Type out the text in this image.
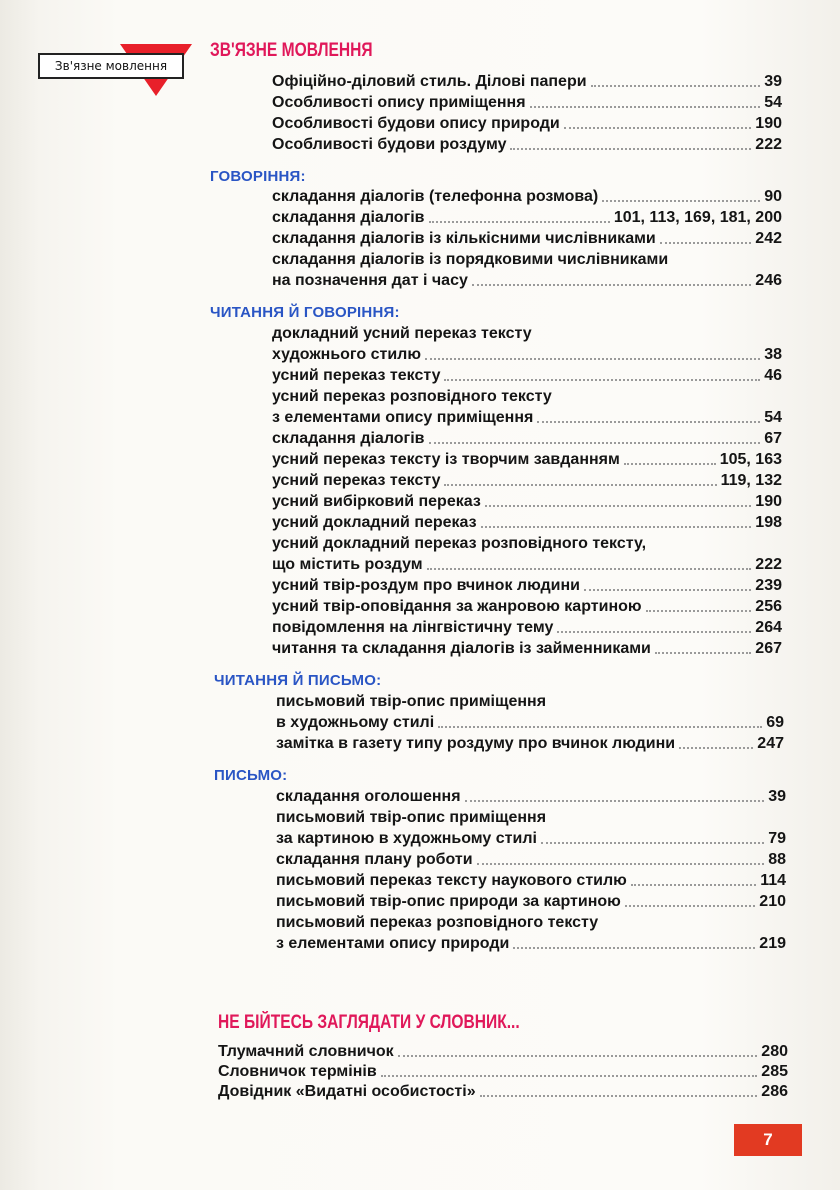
Зв'язне мовлення
ЗВ'ЯЗНЕ МОВЛЕННЯ
Офіційно-діловий стиль. Ділові папери	39
Особливості опису приміщення	54
Особливості будови опису природи	190
Особливості будови роздуму	222
ГОВОРІННЯ:
складання діалогів (телефонна розмова)	90
складання діалогів	101, 113, 169, 181, 200
складання діалогів із кількісними числівниками	242
складання діалогів із порядковими числівниками
на позначення дат і часу	246
ЧИТАННЯ Й ГОВОРІННЯ:
докладний усний переказ тексту
художнього стилю	38
усний переказ тексту	46
усний переказ розповідного тексту
з елементами опису приміщення	54
складання діалогів	67
усний переказ тексту із творчим завданням	105, 163
усний переказ тексту	119, 132
усний вибірковий переказ	190
усний докладний переказ	198
усний докладний переказ розповідного тексту,
що містить роздум	222
усний твір-роздум про вчинок людини	239
усний твір-оповідання за жанровою картиною	256
повідомлення на лінгвістичну тему	264
читання та складання діалогів із займенниками	267
ЧИТАННЯ Й ПИСЬМО:
письмовий твір-опис приміщення
в художньому стилі	69
замітка в газету типу роздуму про вчинок людини	247
ПИСЬМО:
складання оголошення	39
письмовий твір-опис приміщення
за картиною в художньому стилі	79
складання плану роботи	88
письмовий переказ тексту наукового стилю	114
письмовий твір-опис природи за картиною	210
письмовий переказ розповідного тексту
з елементами опису природи	219
НЕ БІЙТЕСЬ ЗАГЛЯДАТИ У СЛОВНИК...
Тлумачний словничок	280
Словничок термінів	285
Довідник «Видатні особистості»	286
7
